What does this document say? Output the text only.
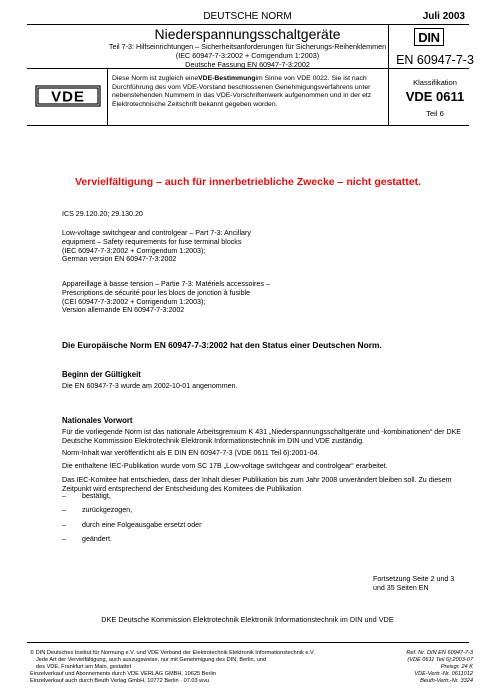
DEUTSCHE NORM	Juli 2003
Niederspannungsschaltgeräte
Teil 7-3: Hilfseinrichtungen – Sicherheitsanforderungen für Sicherungs-Reihenklemmen
(IEC 60947-7-3:2002 + Corrigendum 1:2003)
Deutsche Fassung EN 60947-7-3:2002
DIN
EN 60947-7-3
VDE
Diese Norm ist zugleich eineVDE-Bestimmungim Sinne von VDE 0022. Sie ist nach Durchführung des vom VDE-Vorstand beschlossenen Genehmigungsverfahrens unter nebenstehenden Nummern in das VDE-Vorschriftenwerk aufgenommen und in der etz Elektrotechnische Zeitschrift bekannt gegeben worden.
Klassifikation
VDE 0611
Teil 6
Vervielfältigung – auch für innerbetriebliche Zwecke – nicht gestattet.
ICS 29.120.20; 29.130.20
Low-voltage switchgear and controlgear – Part 7-3: Ancillary
equipment – Safety requirements for fuse terminal blocks
(IEC 60947-7-3:2002 + Corrigendum 1:2003);
German version EN 60947-7-3:2002
Appareillage à basse tension – Partie 7-3: Matériels accessoires –
Prescriptions de sécurité pour les blocs de jonction à fusible
(CEI 60947-7-3:2002 + Corrigendum 1:2003);
Version allemande EN 60947-7-3:2002
Die Europäische Norm EN 60947-7-3:2002 hat den Status einer Deutschen Norm.
Beginn der Gültigkeit
Die EN 60947-7-3 wurde am 2002-10-01 angenommen.
Nationales Vorwort
Für die vorliegende Norm ist das nationale Arbeitsgremium K 431 „Niederspannungsschaltgeräte und -kombinationen“ der DKE Deutsche Kommission Elektrotechnik Elektronik Informationstechnik im DIN und VDE zuständig.
Norm-Inhalt war veröffentlicht als E DIN EN 60947-7-3 (VDE 0611 Teil 6):2001-04.
Die enthaltene IEC-Publikation wurde vom SC 17B „Low-voltage switchgear and controlgear“ erarbeitet.
Das IEC-Komitee hat entschieden, dass der Inhalt dieser Publikation bis zum Jahr 2008 unverändert bleiben soll. Zu diesem Zeitpunkt wird entsprechend der Entscheidung des Komitees die Publikation
–	bestätigt,
–	zurückgezogen,
–	durch eine Folgeausgabe ersetzt oder
–	geändert.
Fortsetzung Seite 2 und 3
und 35 Seiten EN
DKE Deutsche Kommission Elektrotechnik Elektronik Informationstechnik im DIN und VDE
© DIN Deutsches Institut für Normung e.V. und VDE Verband der Elektrotechnik Elektronik Informationstechnik e.V.
Jede Art der Vervielfältigung, auch auszugsweise, nur mit Genehmigung des DIN, Berlin, und
des VDE, Frankfurt am Main, gestattet
Einzelverkauf und Abonnements durch VDE VERLAG GMBH, 10625 Berlin
Einzelverkauf auch durch Beuth Verlag GmbH, 10772 Berlin · 07.03 wvu
Ref. Nr. DIN EN 60947-7-3
(VDE 0611 Teil 6):2003-07
Preisgr. 24 K
VDE-Vertr.-Nr. 0611012
Beuth-Vertr.-Nr. 3324
